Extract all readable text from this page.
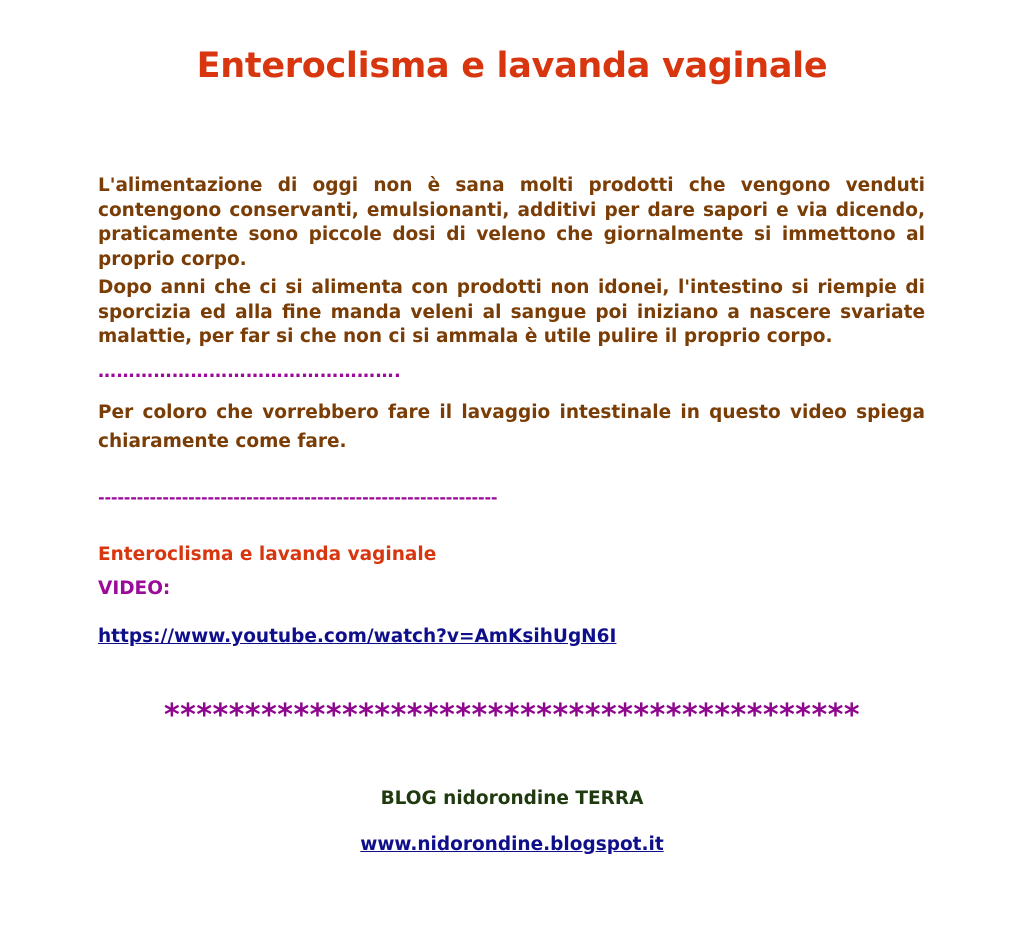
Enteroclisma e lavanda vaginale

L'alimentazione di oggi non è sana molti prodotti che vengono venduti contengono conservanti, emulsionanti, additivi per dare sapori e via dicendo, praticamente sono piccole dosi di veleno che giornalmente si immettono al proprio corpo.

Dopo anni che ci si alimenta con prodotti non idonei, l'intestino si riempie di sporcizia ed alla fine manda veleni al sangue poi iniziano a nascere svariate malattie, per far si che non ci si ammala è utile pulire il proprio corpo.

………………………………………….

Per coloro che vorrebbero fare il lavaggio intestinale in questo video spiega chiaramente come fare.

--------------------------------------------------------------
Enteroclisma e lavanda vaginale
VIDEO:
https://www.youtube.com/watch?v=AmKsihUgN6I
*******************************************
BLOG nidorondine TERRA
www.nidorondine.blogspot.it
